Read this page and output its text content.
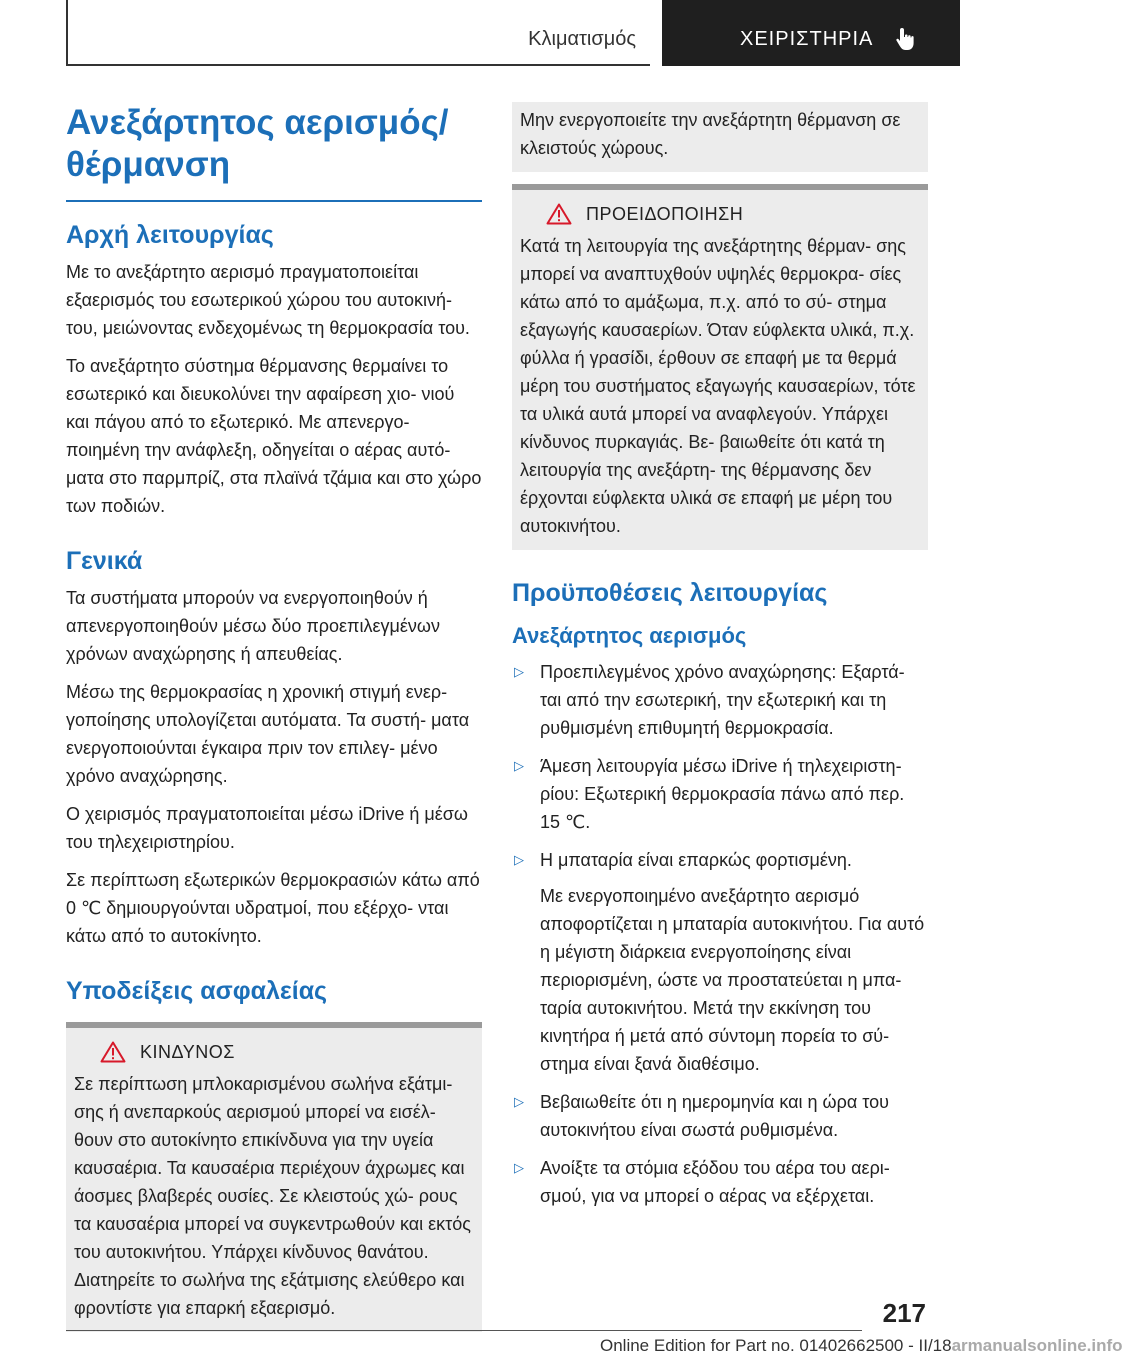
Κλιματισμός	ΧΕΙΡΙΣΤΗΡΙΑ
Ανεξάρτητος αερισμός/
θέρμανση
Αρχή λειτουργίας

Με το ανεξάρτητο αερισμό πραγματοποιείται εξαερισμός του εσωτερικού χώρου του αυτοκινή- του, μειώνοντας ενδεχομένως τη θερμοκρασία του.

Το ανεξάρτητο σύστημα θέρμανσης θερμαίνει το εσωτερικό και διευκολύνει την αφαίρεση χιο- νιού και πάγου από το εξωτερικό. Με απενεργο- ποιημένη την ανάφλεξη, οδηγείται ο αέρας αυτό- ματα στο παρμπρίζ, στα πλαϊνά τζάμια και στο χώρο των ποδιών.

Γενικά

Τα συστήματα μπορούν να ενεργοποιηθούν ή απενεργοποιηθούν μέσω δύο προεπιλεγμένων χρόνων αναχώρησης ή απευθείας.

Μέσω της θερμοκρασίας η χρονική στιγμή ενερ- γοποίησης υπολογίζεται αυτόματα. Τα συστή- ματα ενεργοποιούνται έγκαιρα πριν τον επιλεγ- μένο χρόνο αναχώρησης.

Ο χειρισμός πραγματοποιείται μέσω iDrive ή μέσω του τηλεχειριστηρίου.

Σε περίπτωση εξωτερικών θερμοκρασιών κάτω από 0 ℃ δημιουργούνται υδρατμοί, που εξέρχο- νται κάτω από το αυτοκίνητο.

Υποδείξεις ασφαλείας
ΚΙΝΔΥΝΟΣ

Σε περίπτωση μπλοκαρισμένου σωλήνα εξάτμι- σης ή ανεπαρκούς αερισμού μπορεί να εισέλ- θουν στο αυτοκίνητο επικίνδυνα για την υγεία καυσαέρια. Τα καυσαέρια περιέχουν άχρωμες και άοσμες βλαβερές ουσίες. Σε κλειστούς χώ- ρους τα καυσαέρια μπορεί να συγκεντρωθούν και εκτός του αυτοκινήτου. Υπάρχει κίνδυνος θανάτου. Διατηρείτε το σωλήνα της εξάτμισης ελεύθερο και φροντίστε για επαρκή εξαερισμό.

Μην ενεργοποιείτε την ανεξάρτητη θέρμανση σε κλειστούς χώρους.

ΠΡΟΕΙΔΟΠΟΙΗΣΗ

Κατά τη λειτουργία της ανεξάρτητης θέρμαν- σης μπορεί να αναπτυχθούν υψηλές θερμοκρα- σίες κάτω από το αμάξωμα, π.χ. από το σύ- στημα εξαγωγής καυσαερίων. Όταν εύφλεκτα υλικά, π.χ. φύλλα ή γρασίδι, έρθουν σε επαφή με τα θερμά μέρη του συστήματος εξαγωγής καυσαερίων, τότε τα υλικά αυτά μπορεί να αναφλεγούν. Υπάρχει κίνδυνος πυρκαγιάς. Βε- βαιωθείτε ότι κατά τη λειτουργία της ανεξάρτη- της θέρμανσης δεν έρχονται εύφλεκτα υλικά σε επαφή με μέρη του αυτοκινήτου.

Προϋποθέσεις λειτουργίας
Ανεξάρτητος αερισμός
▷ Προεπιλεγμένος χρόνο αναχώρησης: Εξαρτά- ται από την εσωτερική, την εξωτερική και τη ρυθμισμένη επιθυμητή θερμοκρασία.
▷ Άμεση λειτουργία μέσω iDrive ή τηλεχειριστη- ρίου: Εξωτερική θερμοκρασία πάνω από περ. 15 ℃.
▷ Η μπαταρία είναι επαρκώς φορτισμένη.

Με ενεργοποιημένο ανεξάρτητο αερισμό αποφορτίζεται η μπαταρία αυτοκινήτου. Για αυτό η μέγιστη διάρκεια ενεργοποίησης είναι περιορισμένη, ώστε να προστατεύεται η μπα- ταρία αυτοκινήτου. Μετά την εκκίνηση του κινητήρα ή μετά από σύντομη πορεία το σύ- στημα είναι ξανά διαθέσιμο.

▷ Βεβαιωθείτε ότι η ημερομηνία και η ώρα του αυτοκινήτου είναι σωστά ρυθμισμένα.
▷ Ανοίξτε τα στόμια εξόδου του αέρα του αερι- σμού, για να μπορεί ο αέρας να εξέρχεται.
217
Online Edition for Part no. 01402662500 - II/18armanualsonline.info
